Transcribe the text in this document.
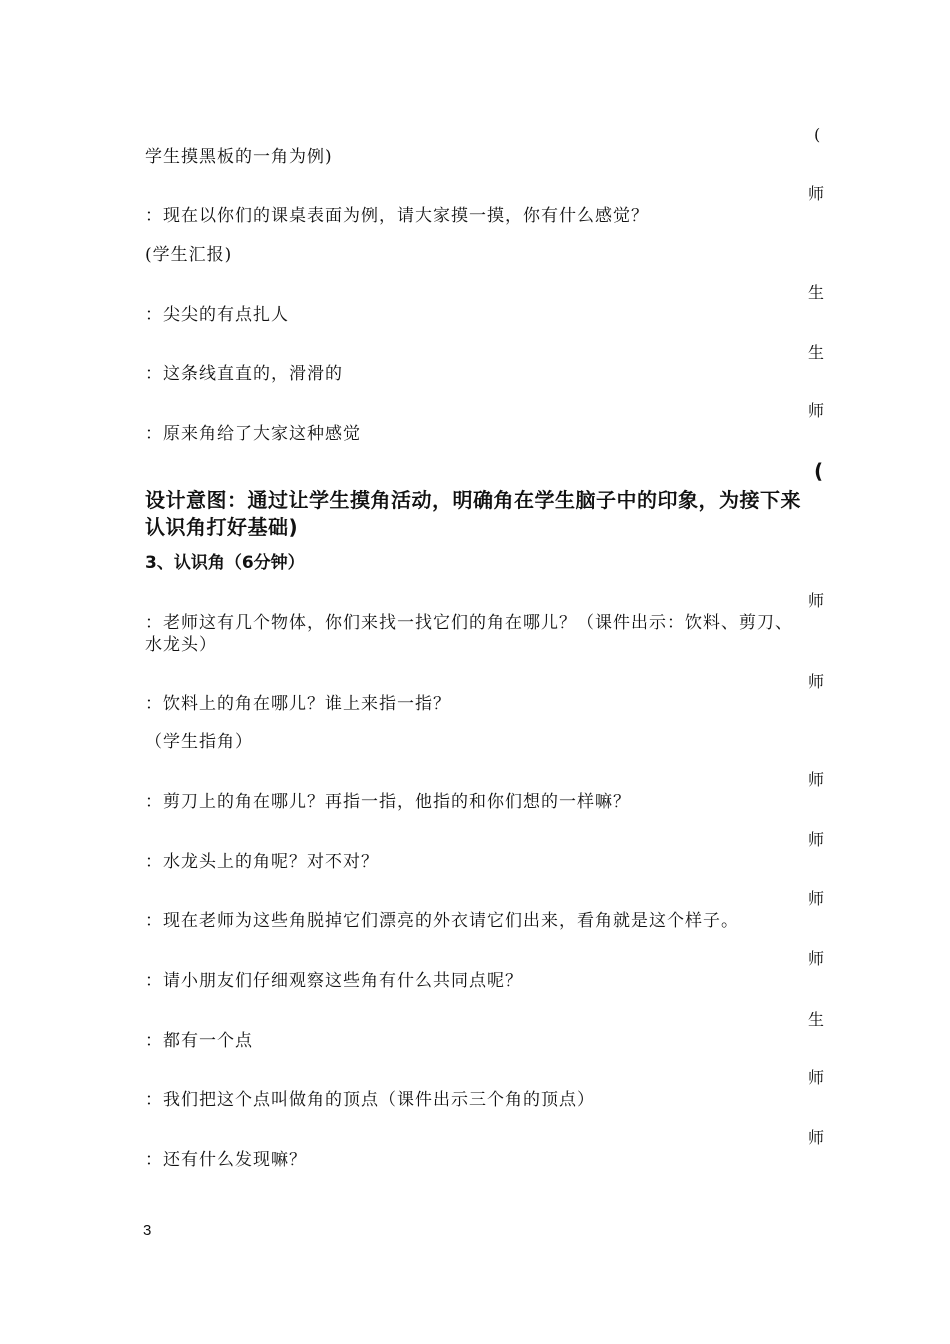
(
师
生
生
师
(
师
师
师
师
师
师
生
师
师
学生摸黑板的一角为例)
：现在以你们的课桌表面为例，请大家摸一摸，你有什么感觉？
(学生汇报)
：尖尖的有点扎人
：这条线直直的，滑滑的
：原来角给了大家这种感觉
设计意图：通过让学生摸角活动，明确角在学生脑子中的印象，为接下来认识角打好基础)
3、认识角（6分钟）
：老师这有几个物体，你们来找一找它们的角在哪儿？（课件出示：饮料、剪刀、水龙头）
：饮料上的角在哪儿？谁上来指一指？
（学生指角）
：剪刀上的角在哪儿？再指一指，他指的和你们想的一样嘛？
：水龙头上的角呢？对不对？
：现在老师为这些角脱掉它们漂亮的外衣请它们出来，看角就是这个样子。
：请小朋友们仔细观察这些角有什么共同点呢？
：都有一个点
：我们把这个点叫做角的顶点（课件出示三个角的顶点）
：还有什么发现嘛？
3
